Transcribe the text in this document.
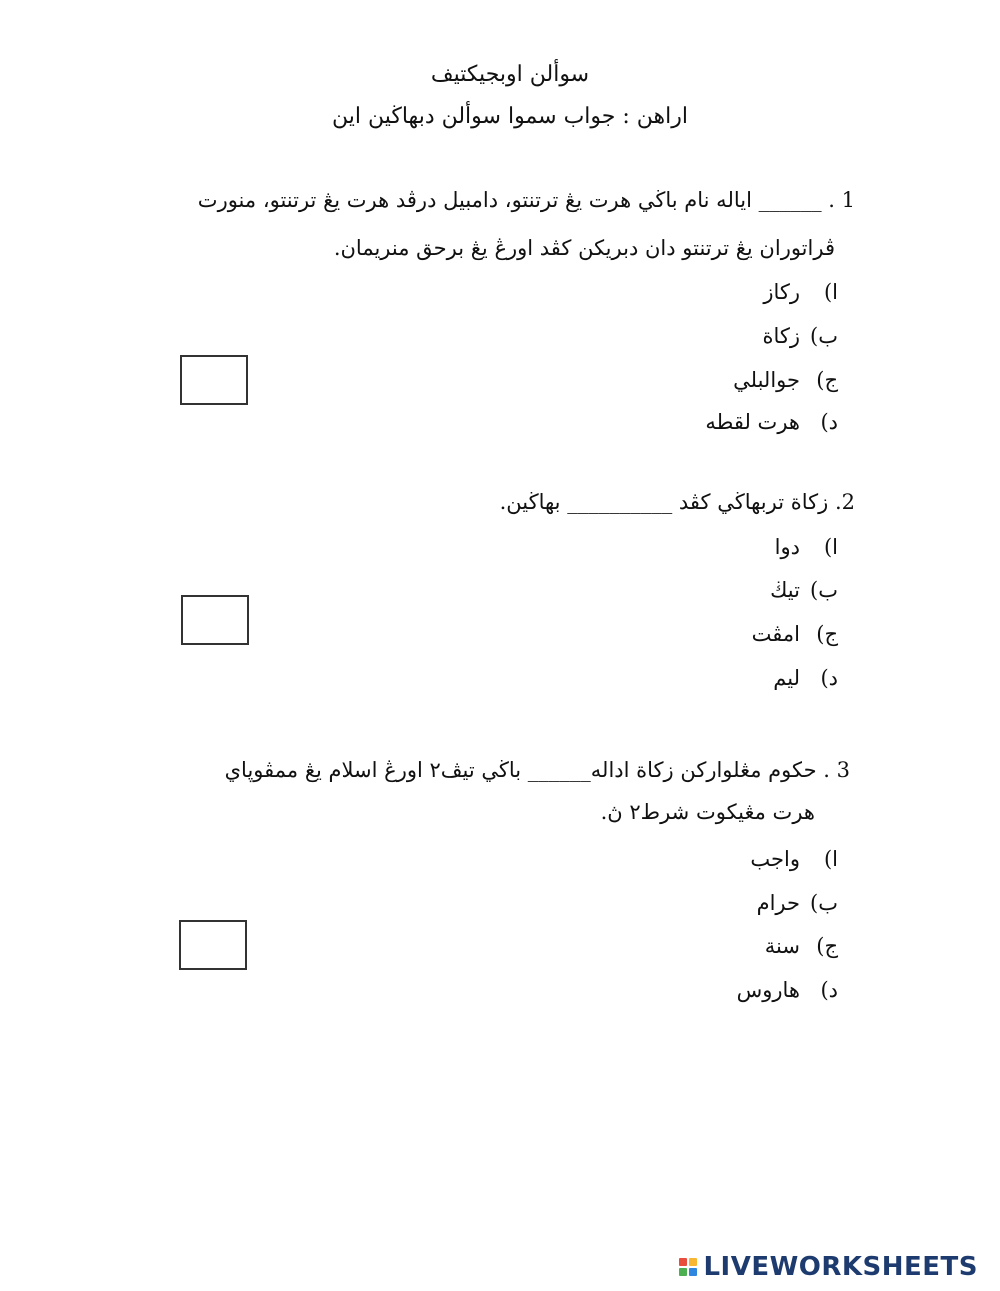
سوألن اوبجيكتيف
اراهن : جواب سموا سوألن دبهاڬين اين
1 . ______ اياله نام باڬي هرت يڠ ترتنتو، دامبيل درڤد هرت يڠ ترتنتو، منورت
ڤراتوران يڠ ترتنتو دان دبريکن کڤد اورڠ يڠ برحق منريمان.
ا)
رکاز
ب)
زکاة
ج)
جوالبلي
د)
هرت لقطه
2. زکاة تربهاڬي کڤد __________ بهاڬين.
ا)
دوا
ب)
تيڬ
ج)
امڤت
د)
ليم
3 . حکوم مڠلوارکن زکاة اداله______ باڬي تيڤ٢ اورڠ اسلام يڠ ممڤوڽاي
هرت مڠيکوت شرط٢ ڽ.
ا)
واجب
ب)
حرام
ج)
سنة
د)
هاروس
LIVEWORKSHEETS
